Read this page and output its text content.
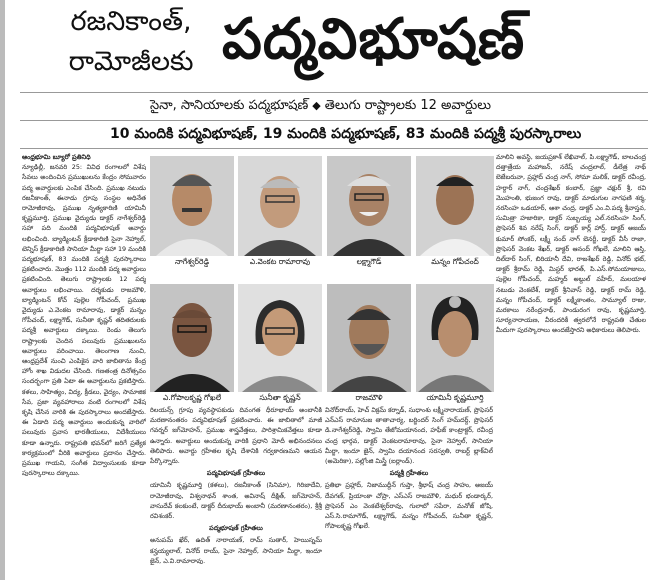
రజనికాంత్,
రామోజీలకు పద్మవిభూషణ్
సైనా, సానియాలకు పద్మభూషణ్ ◆ తెలుగు రాష్ట్రాలకు 12 అవార్డులు
10 మందికి పద్మవిభూషణ్, 19 మందికి పద్మభూషణ్, 83 మందికి పద్మశ్రీ పురస్కారాలు

ఆంధ్రభూమి బ్యూరో ప్రతినిధి

న్యూఢిల్లీ, జనవరి 25: వివిధ రంగాలలో విశేష సేవలు అందించిన ప్రముఖులను కేంద్రం సోమవారం పద్మ అవార్డులకు ఎంపిక చేసింది. ప్రముఖ నటుడు రజనీకాంత్, ఈనాడు గ్రూపు సంస్థల అధినేత రామోజీరావు, ప్రముఖ నృత్యకారిణి యామినీ కృష్ణమూర్తి, ప్రముఖ వైద్యుడు డాక్టర్ నాగేశ్వర్‌రెడ్డి సహా పది మందికి పద్మవిభూషణ్ అవార్డు లభించింది. బ్యాడ్మింటన్ క్రీడాకారిణి సైనా నెహ్వాల్, టెన్నిస్ క్రీడాకారిణి సానియా మీర్జా సహా 19 మందికి పద్మభూషణ్, 83 మందికి పద్మశ్రీ పురస్కారాలు ప్రకటించారు. మొత్తం 112 మందికి పద్మ అవార్డులు ప్రకటించింది. తెలుగు రాష్ట్రాలకు 12 పద్మ అవార్డులు లభించాయి. దర్శకుడు రాజమౌళి, బ్యాడ్మింటన్ కోచ్ పుల్లెల గోపీచంద్, ప్రముఖ వైద్యుడు ఎ.వెంకట రామారావు, డాక్టర్ మన్నం గోపీచంద్, లక్ష్మాగౌడ్, సునీతా కృష్ణన్ తదితరులకు పద్మశ్రీ అవార్డులు దక్కాయి. రెండు తెలుగు రాష్ట్రాలకు చెందిన పలువురు ప్రముఖులను అవార్డులు వరించాయి. తెలంగాణ నుంచి, ఆంధ్రప్రదేశ్ నుంచి ఎంపికైన వారి జాబితాను కేంద్ర హోం శాఖ విడుదల చేసింది. గణతంత్ర దినోత్సవం సందర్భంగా ప్రతి ఏటా ఈ అవార్డులను ప్రకటిస్తారు. కళలు, సాహిత్యం, విద్య, క్రీడలు, వైద్యం, సామాజిక సేవ, ప్రజా వ్యవహారాలు వంటి రంగాలలో విశేష కృషి చేసిన వారికి ఈ పురస్కారాలు అందజేస్తారు. ఈ ఏడాది పద్మ అవార్డులు అందుకున్న వారిలో పలువురు ప్రవాస భారతీయులు, విదేశీయులు కూడా ఉన్నారు. రాష్ట్రపతి భవన్‌లో జరిగే ప్రత్యేక కార్యక్రమంలో వీరికి అవార్డులు ప్రదానం చేస్తారు. ప్రముఖ గాయని, సంగీత విద్వాంసులకు కూడా పురస్కారాలు దక్కాయి.

నాగేశ్వర్‌రెడ్డి	ఎ.వెంకట రామారావు	లక్ష్మాగౌడ్	మన్నం గోపీచంద్
ఎ.గోపాలకృష్ణ గోఖలే	సునీతా కృష్ణన్	రాజమౌళి	యామినీ కృష్ణమూర్తి

రిలయన్స్ గ్రూపు వ్యవస్థాపకుడు దివంగత ధీరూభాయ్ అంబానీకి మరణానంతరం పద్మవిభూషణ్ ప్రకటించారు. ఈ జాబితాలో మాజీ గవర్నర్ జగ్‌మోహన్, ప్రముఖ శాస్త్రవేత్తలు, పారిశ్రామికవేత్తలు కూడా ఉన్నారు. అవార్డులు అందుకున్న వారికి ప్రధాని మోదీ అభినందనలు తెలిపారు. అవార్డు గ్రహీతల కృషి దేశానికి గర్వకారణమని ఆయన పేర్కొన్నారు.

పద్మవిభూషణ్ గ్రహీతలు

యామినీ కృష్ణమూర్తి (కళలు), రజనీకాంత్ (సినిమా), గిరిజాదేవి, రామోజీరావు, విశ్వనాథన్ శాంత, అవినాష్ దీక్షిత్, జగ్‌మోహన్, వాసుదేవ్ కలకుంటే, డాక్టర్ దీరుభాయ్ అంబానీ (మరణానంతరం), శ్రీశ్రీ రవిశంకర్.

పద్మభూషణ్ గ్రహీతలు

అనుపమ్ ఖేర్, ఉదిత్ నారాయణ్, రామ్ సుతార్, హెయిస్నమ్ కన్హయ్యలాల్, వినోద్ రాయ్, సైనా నెహ్వాల్, సానియా మీర్జా, ఇందూ జైన్, ఎ.వి.రామారావు.

వినోద్‌రాయ్, హెచ్ విక్రమ్ కర్నాడ్, సుధాంశు లక్ష్మీనారాయణ్, ప్రొఫెసర్ ఎన్ఎస్ రామానుజ తాతాచార్య, బర్జిందర్ సింగ్ హమ్‌దర్ద్, ప్రొఫెసర్ డి.నాగేశ్వర్‌రెడ్డి, స్వామి తేజోమయానంద, హఫీజ్ కాంట్రాక్టర్, రవీంద్ర చంద్ర భార్గవ, డాక్టర్ వెంకటరామారావు, సైనా నెహ్వాల్, సానియా మీర్జా, ఇందూ జైన్, స్వామి దయానంద సరస్వతి, రాబర్ట్ బ్లాక్‌విల్ (అమెరికా), పల్లోంజి మిస్త్రీ (ఐర్లాండ్).

పద్మశ్రీ గ్రహీతలు

ప్రతిభా ప్రహ్లాద్, నిజాముద్దీన్ గుప్తా, శ్రీభాష్ చంద్ర సాహు, అజయ్ దేవగణ్, ప్రియాంకా చోప్రా, ఎస్ఎస్ రాజమౌళి, మధుర్ భండార్కర్, ప్రొఫెసర్ ఎం వెంకటేశ్వర్‌రావు, గులాబో సపేరా, మనోజ్ జోషి, ఎస్.సి.రామాగౌడ్, లక్ష్మాగౌడ్, మన్నం గోపీచంద్, సునీతా కృష్ణన్, గోపాలకృష్ణ గోఖలే.

మాలిని అవస్థి, జయప్రకాశ్ లేఖివాల్, పి.లక్ష్మాగౌడ్, బాలచంద్ర దత్తాత్రేయ మహాజన్, నరేష్ చంద్రలాల్, డీలేత్ర నాథ్ బెజేబరువా, ప్రహ్లాద్ చంద్ర నాగ్, సోమా మలిక్, డాక్టర్ రవీంద్ర, హర్దార్ నాగ్, చంద్రశేఖర్ కంబార్, ప్రజ్ఞా చక్షుర్ శ్రీ, రవి మొహంతి, భుజంగ రావు, డాక్టర్ మాడుగుల నాగఫణి శర్మ, నరసింహ ఒడయార్, ఆశా చంద్ర, డాక్టర్ ఎం.వి.పద్మ శ్రీవాస్తవ, సుమిత్రా హజారికా, డాక్టర్ సుబ్బయ్య ఎల్.నరసింహ సింగ్, ప్రొఫెసర్ శివ నరేష్ సింగ్, డాక్టర్ కార్ల్ హార్ష్, డాక్టర్ అజయ్ కుమార్ సోంకర్, లక్ష్మీ నంద్ నాగ్ బెనర్జీ, డాక్టర్ వీసీ రాజా, ప్రొఫెసర్ వెంకట శేఖర్, డాక్టర్ ఆనంద్ గోఖలే, మాలిని ఆస్తి, దిల్‌దార్ సింగ్, బిరియానీ దేవి, రాజశేఖర్ రెడ్డి, వినోద్ భట్, డాక్టర్ శ్రీరామ్ రెడ్డి, మిస్టర్ భారత్, పి.ఎస్.సోమయాజులు, పుల్లెల గోపీచంద్, మహ్మద్ అబ్దుల్ వహీద్, మలయాళ నటుడు వెంకటేశ్, డాక్టర్ శ్రీనివాస్ రెడ్డి, డాక్టర్ రామ్ రెడ్డి, మన్నం గోపీచంద్, డాక్టర్ లక్ష్మీకాంతం, సామ్యూల్ రాజు, మరకాలు నరేంద్రనాథ్, పాండురంగ రావు, కృష్ణమూర్తి, సూర్యనారాయణ, వీరందరికీ త్వరలోనే రాష్ట్రపతి చేతుల మీదుగా పురస్కారాలు అందజేస్తారని అధికారులు తెలిపారు.
